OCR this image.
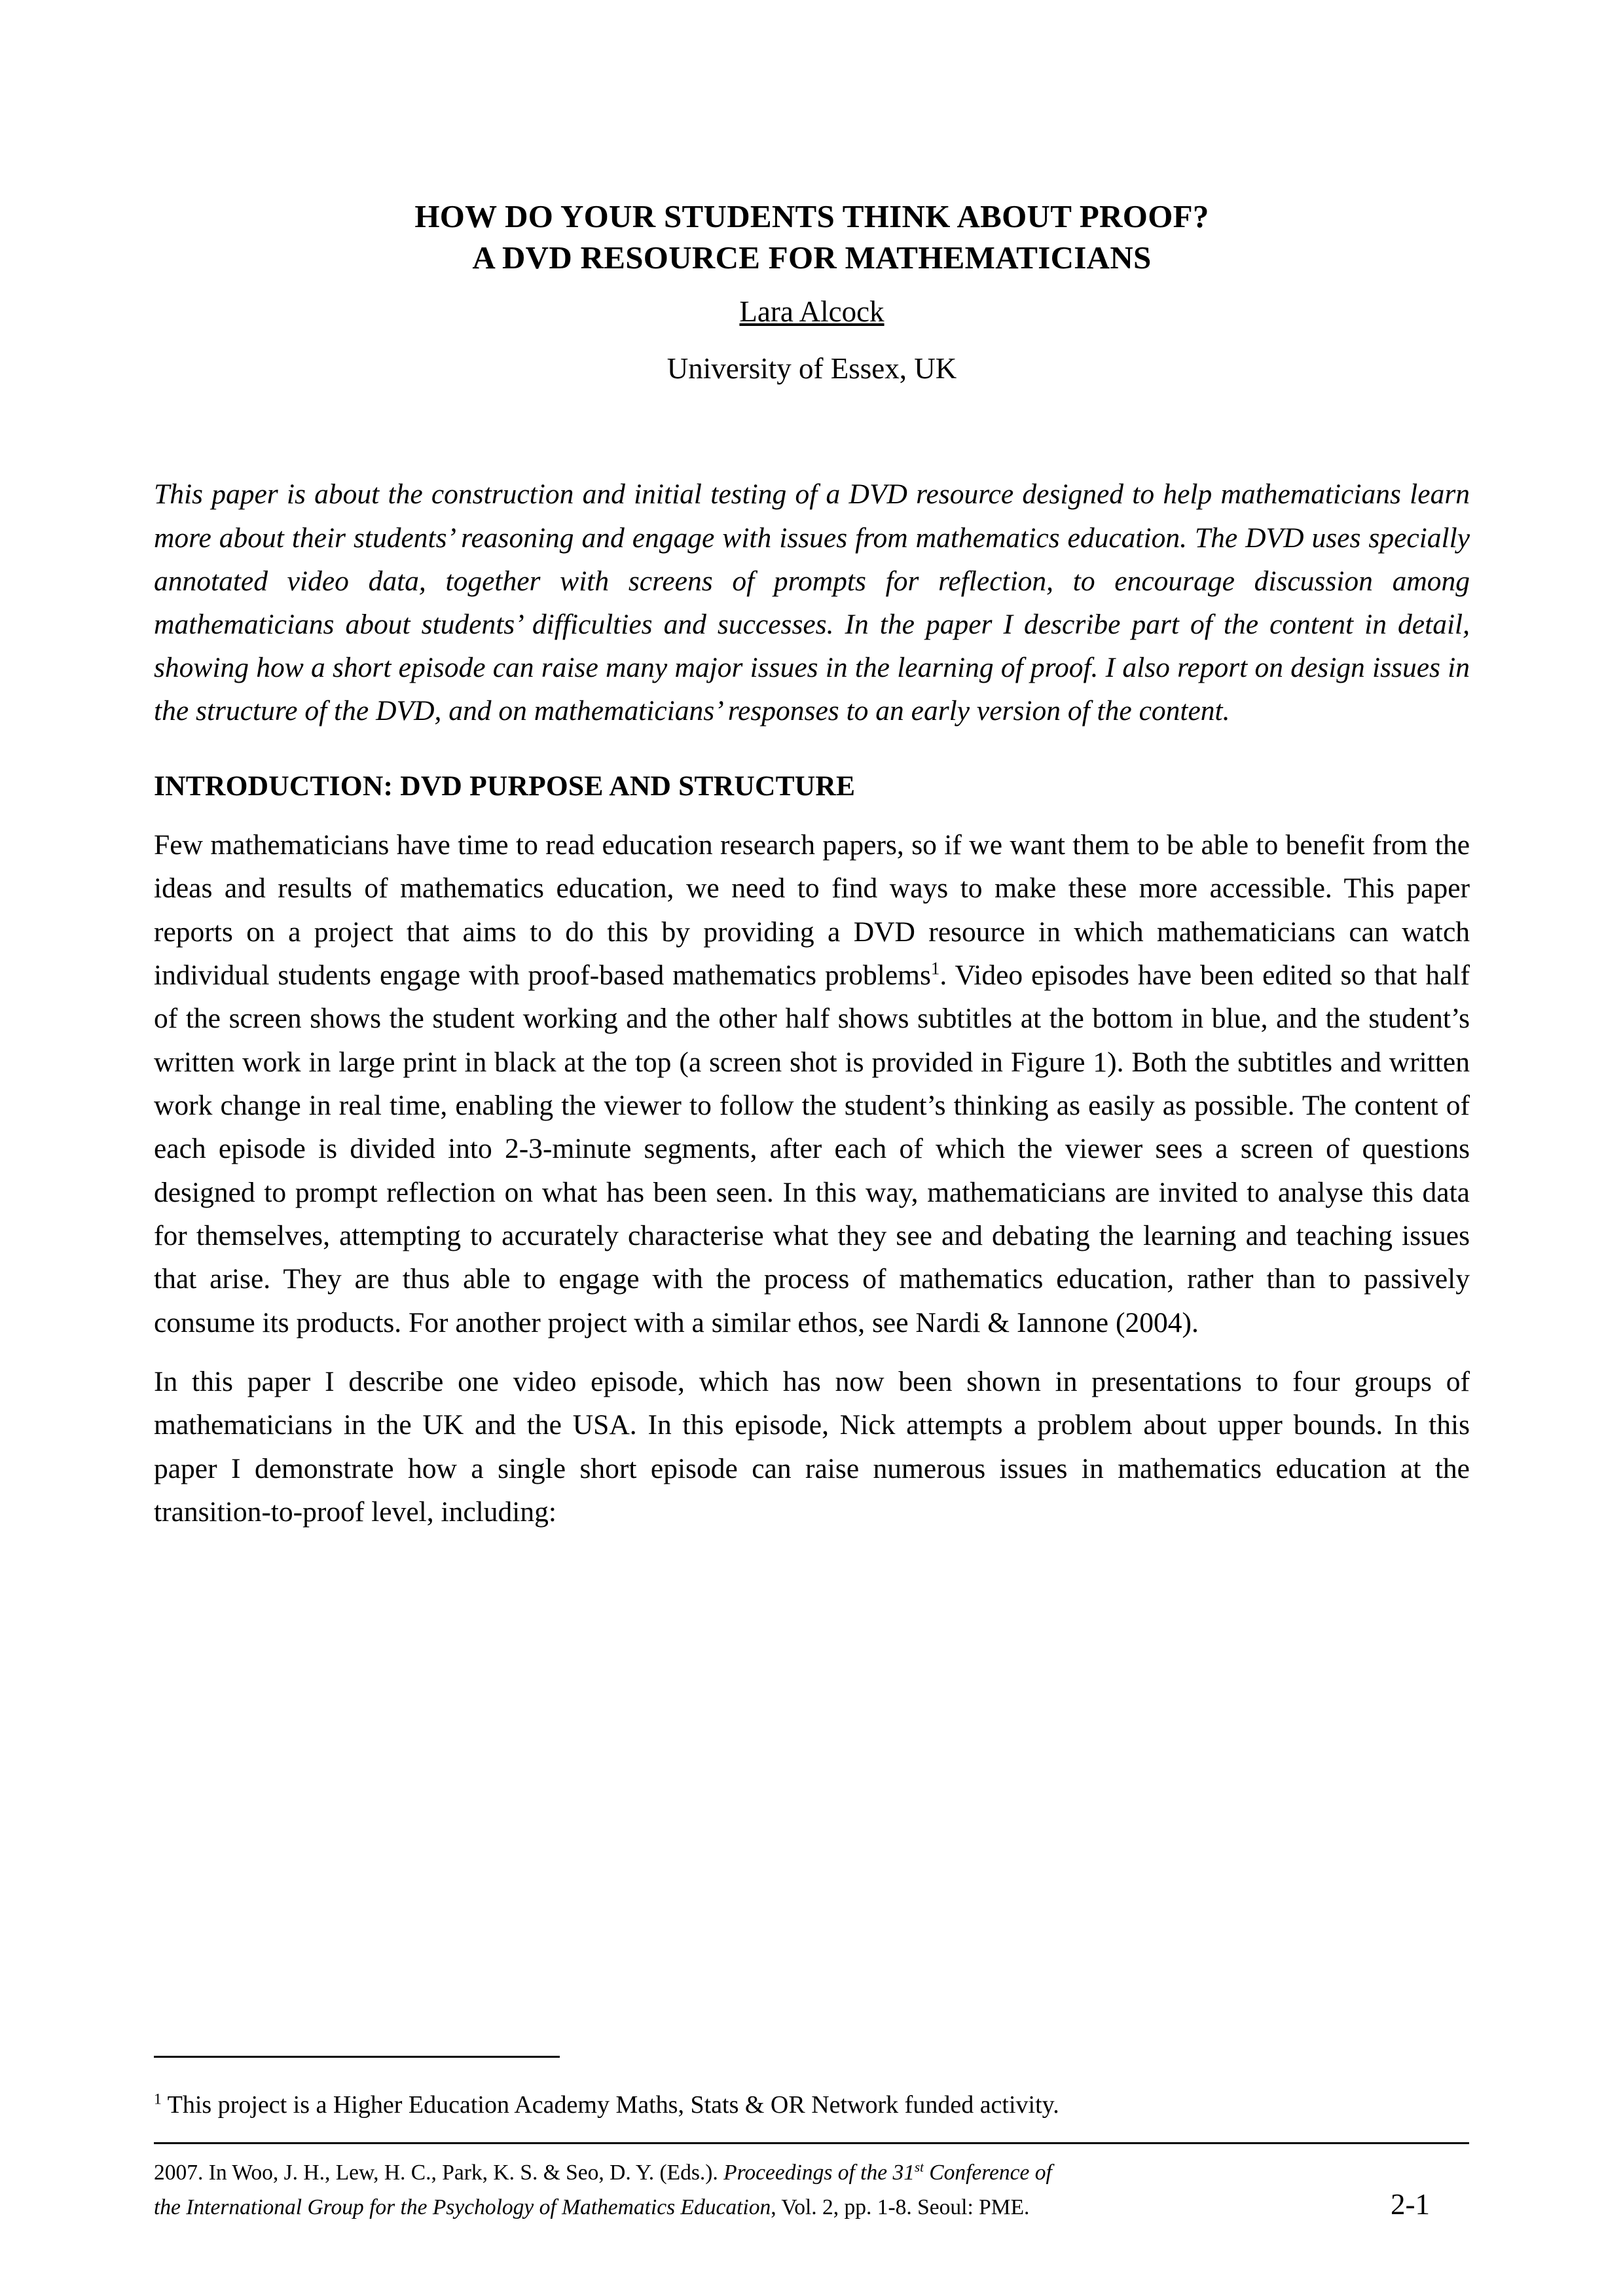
HOW DO YOUR STUDENTS THINK ABOUT PROOF?
A DVD RESOURCE FOR MATHEMATICIANS
Lara Alcock
University of Essex, UK
This paper is about the construction and initial testing of a DVD resource designed to help mathematicians learn more about their students’ reasoning and engage with issues from mathematics education. The DVD uses specially annotated video data, together with screens of prompts for reflection, to encourage discussion among mathematicians about students’ difficulties and successes. In the paper I describe part of the content in detail, showing how a short episode can raise many major issues in the learning of proof. I also report on design issues in the structure of the DVD, and on mathematicians’ responses to an early version of the content.
INTRODUCTION: DVD PURPOSE AND STRUCTURE
Few mathematicians have time to read education research papers, so if we want them to be able to benefit from the ideas and results of mathematics education, we need to find ways to make these more accessible. This paper reports on a project that aims to do this by providing a DVD resource in which mathematicians can watch individual students engage with proof-based mathematics problems$^1$. Video episodes have been edited so that half of the screen shows the student working and the other half shows subtitles at the bottom in blue, and the student’s written work in large print in black at the top (a screen shot is provided in Figure 1). Both the subtitles and written work change in real time, enabling the viewer to follow the student’s thinking as easily as possible. The content of each episode is divided into 2-3-minute segments, after each of which the viewer sees a screen of questions designed to prompt reflection on what has been seen. In this way, mathematicians are invited to analyse this data for themselves, attempting to accurately characterise what they see and debating the learning and teaching issues that arise. They are thus able to engage with the process of mathematics education, rather than to passively consume its products. For another project with a similar ethos, see Nardi & Iannone (2004).
In this paper I describe one video episode, which has now been shown in presentations to four groups of mathematicians in the UK and the USA. In this episode, Nick attempts a problem about upper bounds. In this paper I demonstrate how a single short episode can raise numerous issues in mathematics education at the transition-to-proof level, including:
$^1$ This project is a Higher Education Academy Maths, Stats & OR Network funded activity.
2007. In Woo, J. H., Lew, H. C., Park, K. S. & Seo, D. Y. (Eds.). Proceedings of the 31st Conference of
the International Group for the Psychology of Mathematics Education, Vol. 2, pp. 1-8. Seoul: PME.	2-1
